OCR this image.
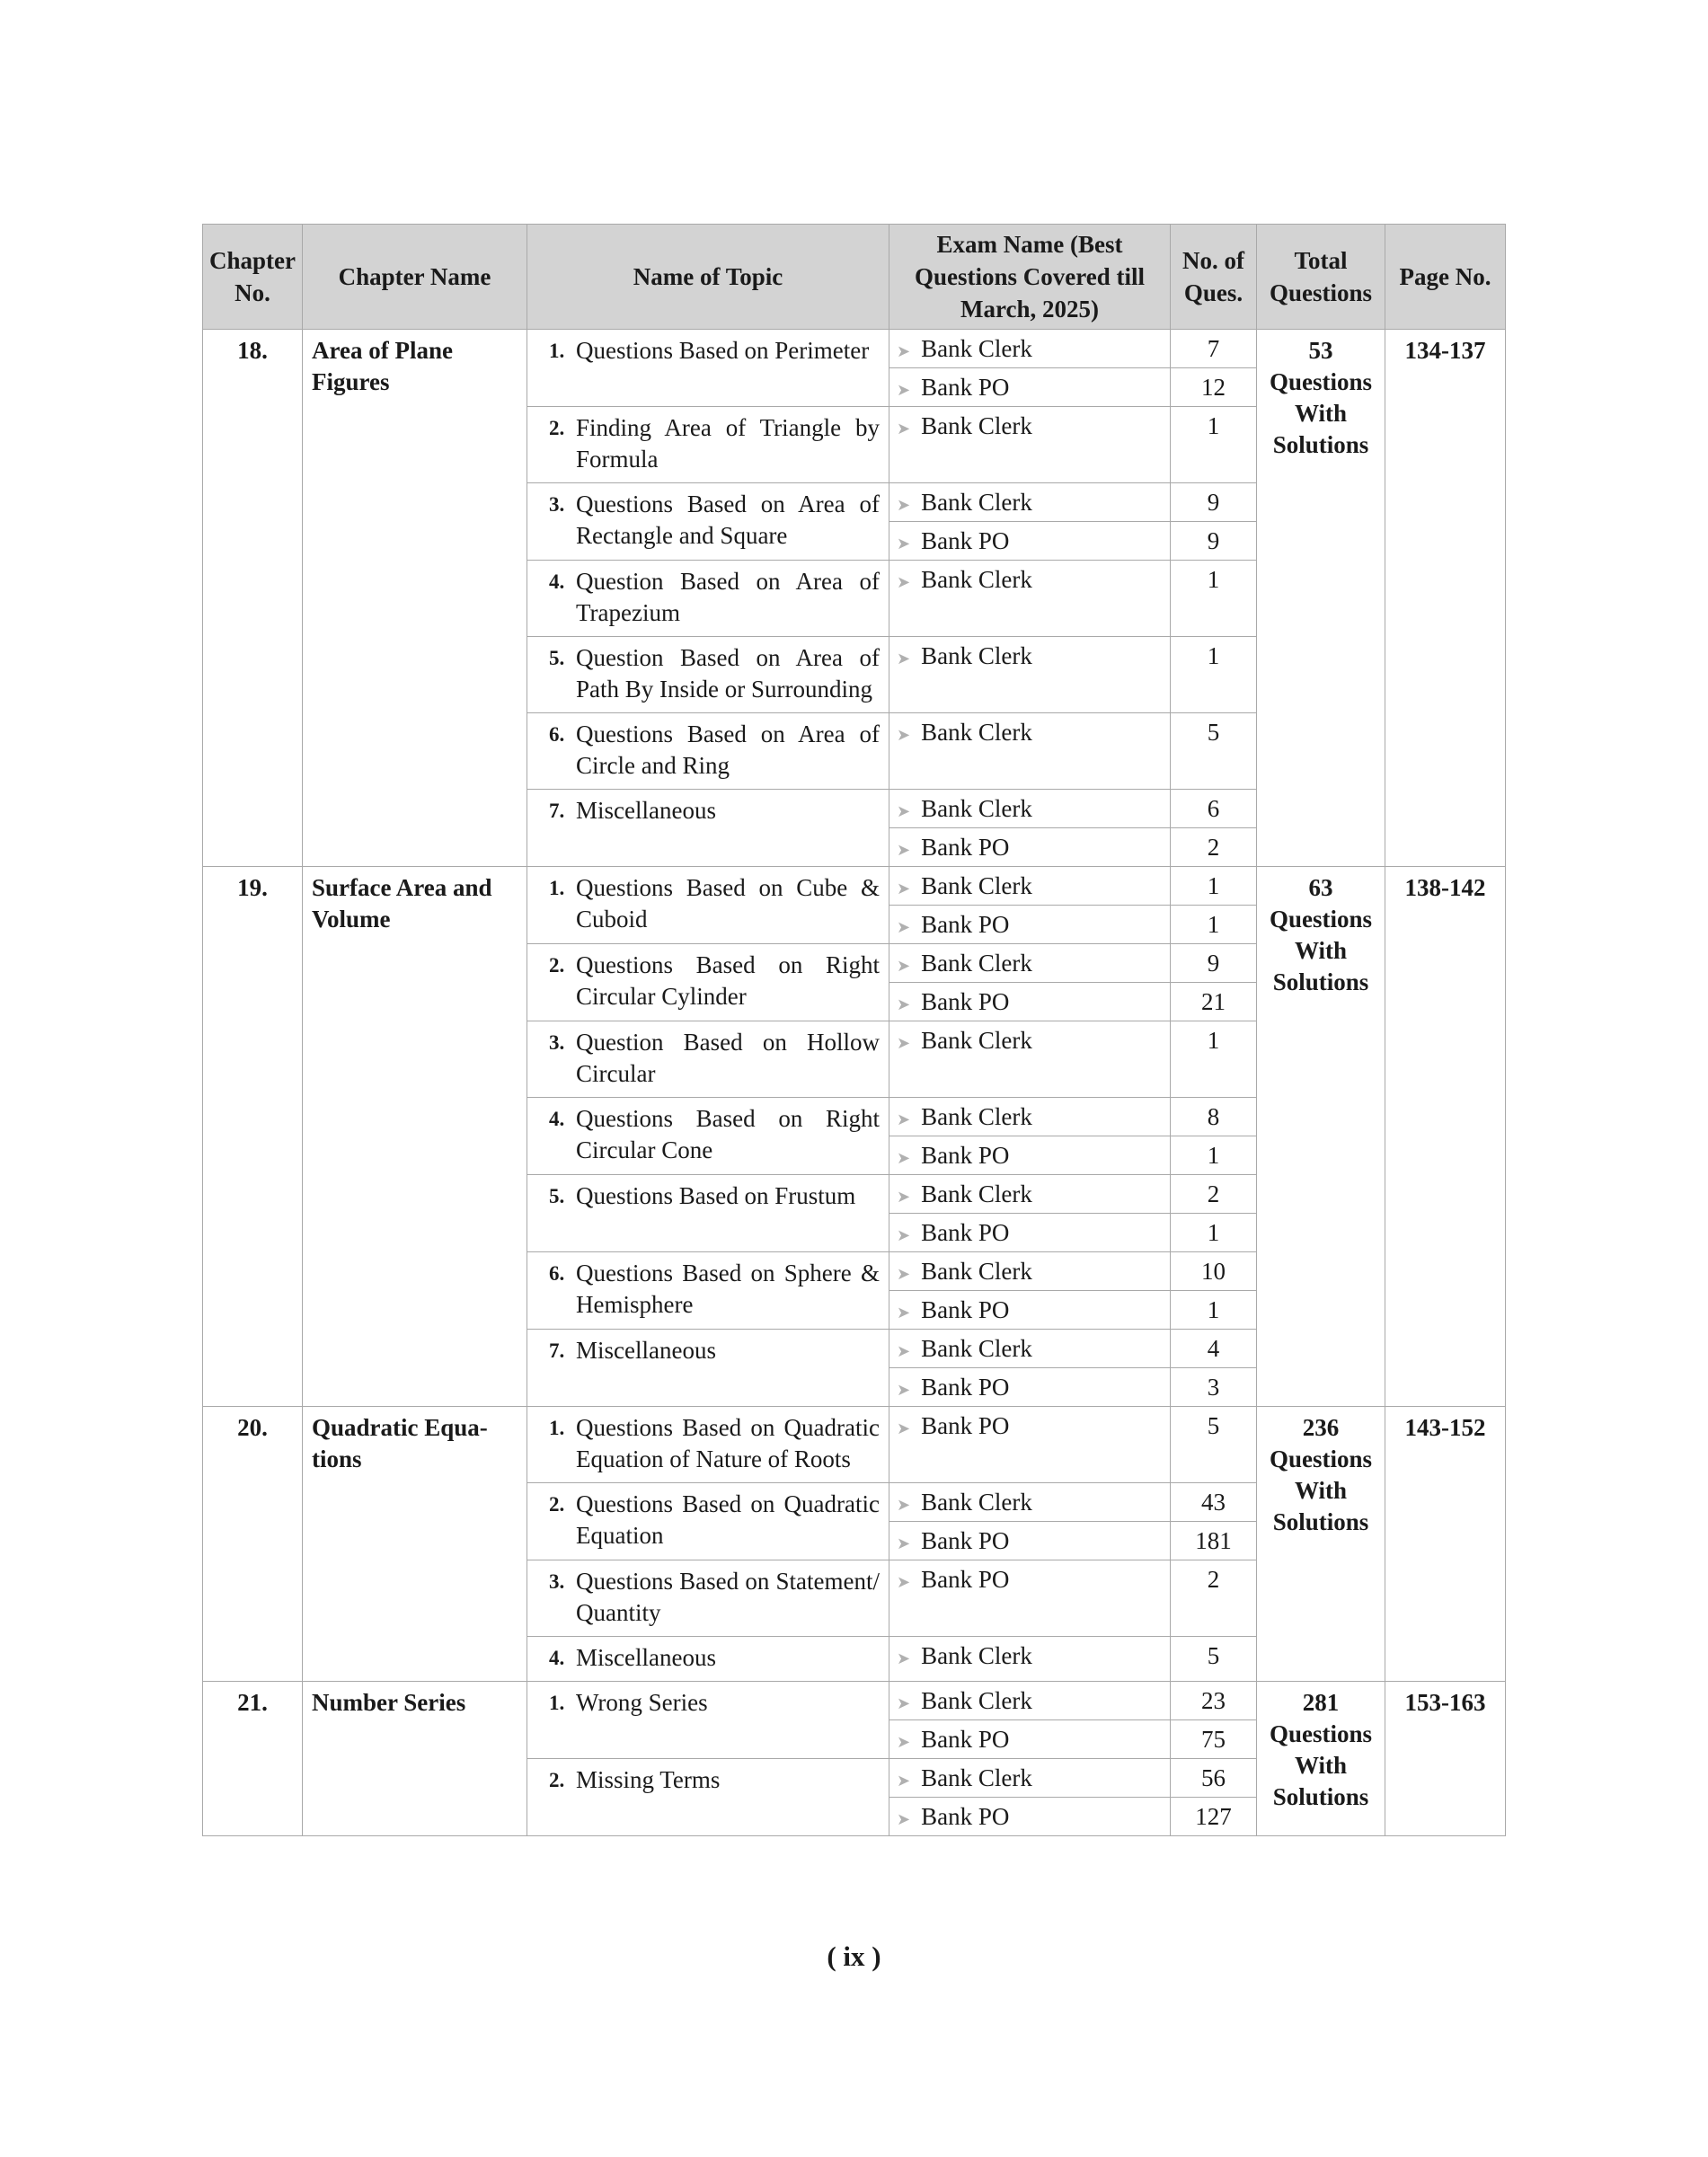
Chapter No.	Chapter Name	Name of Topic	Exam Name (Best Questions Covered till March, 2025)	No. of Ques.	Total Questions	Page No.
18.	Area of Plane Figures	1. Questions Based on Perimeter	➤ Bank Clerk	7	53 Questions With Solutions	134-137
			➤ Bank PO	12		

		2. Finding Area of Triangle by Formula	➤ Bank Clerk	1		

		3. Questions Based on Area of Rectangle and Square	➤ Bank Clerk	9		
			➤ Bank PO	9		

		4. Question Based on Area of Trapezium	➤ Bank Clerk	1		

		5. Question Based on Area of Path By Inside or Surrounding	➤ Bank Clerk	1		

		6. Questions Based on Area of Circle and Ring	➤ Bank Clerk	5		

		7. Miscellaneous	➤ Bank Clerk	6		
			➤ Bank PO	2		
19.	Surface Area and Volume	1. Questions Based on Cube & Cuboid	➤ Bank Clerk	1	63 Questions With Solutions	138-142
			➤ Bank PO	1		

		2. Questions Based on Right Circular Cylinder	➤ Bank Clerk	9		
			➤ Bank PO	21		

		3. Question Based on Hollow Circular	➤ Bank Clerk	1		

		4. Questions Based on Right Circular Cone	➤ Bank Clerk	8		
			➤ Bank PO	1		

		5. Questions Based on Frustum	➤ Bank Clerk	2		
			➤ Bank PO	1		

		6. Questions Based on Sphere & Hemisphere	➤ Bank Clerk	10		
			➤ Bank PO	1		

		7. Miscellaneous	➤ Bank Clerk	4		
			➤ Bank PO	3		
20.	Quadratic Equa- tions	1. Questions Based on Quadratic Equation of Nature of Roots	➤ Bank PO	5	236 Questions With Solutions	143-152

		2. Questions Based on Quadratic Equation	➤ Bank Clerk	43		
			➤ Bank PO	181		

		3. Questions Based on Statement/ Quantity	➤ Bank PO	2		

		4. Miscellaneous	➤ Bank Clerk	5		
21.	Number Series	1. Wrong Series	➤ Bank Clerk	23	281 Questions With Solutions	153-163
			➤ Bank PO	75		

		2. Missing Terms	➤ Bank Clerk	56		
			➤ Bank PO	127		
( ix )
